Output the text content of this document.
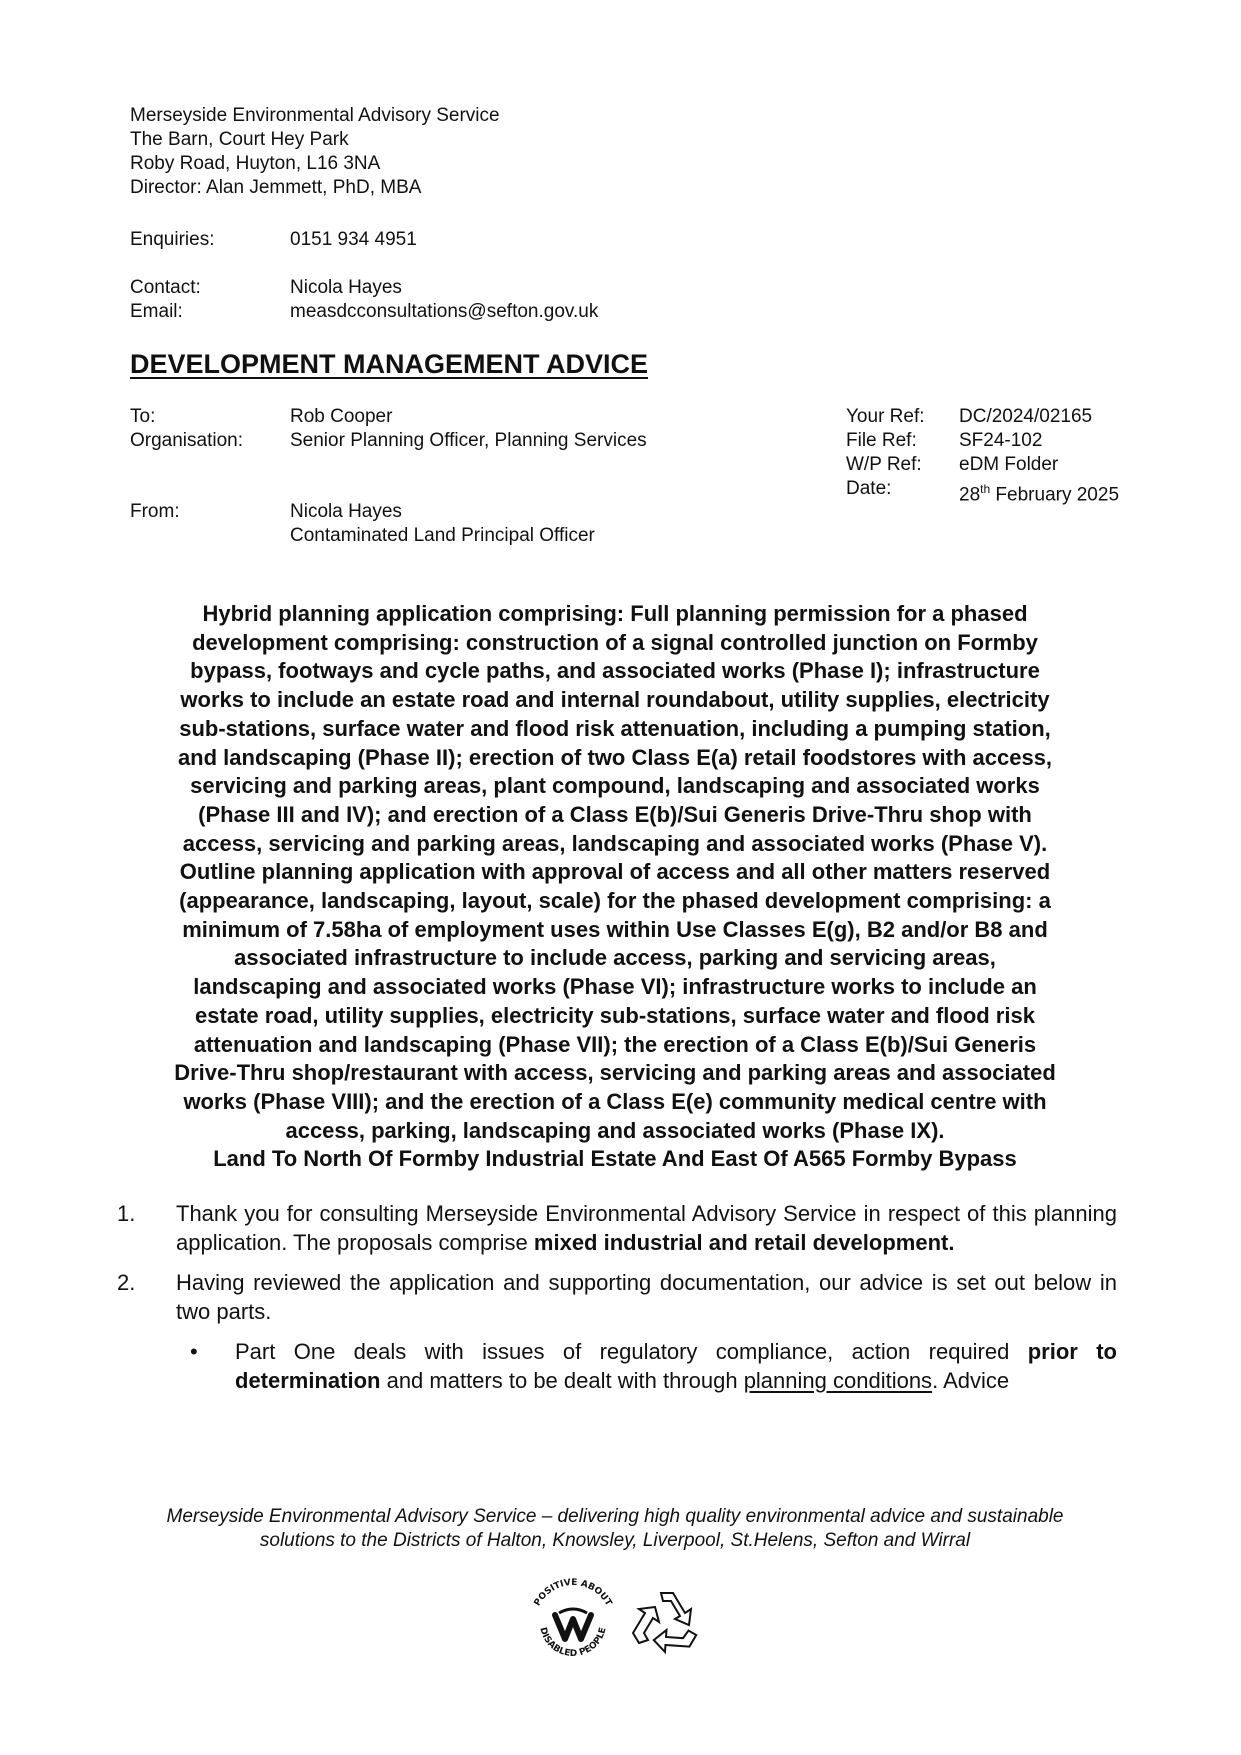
Merseyside Environmental Advisory Service
The Barn, Court Hey Park
Roby Road, Huyton, L16 3NA
Director: Alan Jemmett, PhD, MBA
Enquiries:	0151 934 4951
Contact:	Nicola Hayes
Email:	measdcconsultations@sefton.gov.uk
DEVELOPMENT MANAGEMENT ADVICE
To:	Rob Cooper
Organisation:	Senior Planning Officer, Planning Services
From:	Nicola Hayes
Contaminated Land Principal Officer
Your Ref:	DC/2024/02165
File Ref:	SF24-102
W/P Ref:	eDM Folder
Date:	28th February 2025
Hybrid planning application comprising: Full planning permission for a phased
development comprising: construction of a signal controlled junction on Formby
bypass, footways and cycle paths, and associated works (Phase I); infrastructure
works to include an estate road and internal roundabout, utility supplies, electricity
sub-stations, surface water and flood risk attenuation, including a pumping station,
and landscaping (Phase II); erection of two Class E(a) retail foodstores with access,
servicing and parking areas, plant compound, landscaping and associated works
(Phase III and IV); and erection of a Class E(b)/Sui Generis Drive-Thru shop with
access, servicing and parking areas, landscaping and associated works (Phase V).
Outline planning application with approval of access and all other matters reserved
(appearance, landscaping, layout, scale) for the phased development comprising: a
minimum of 7.58ha of employment uses within Use Classes E(g), B2 and/or B8 and
associated infrastructure to include access, parking and servicing areas,
landscaping and associated works (Phase VI); infrastructure works to include an
estate road, utility supplies, electricity sub-stations, surface water and flood risk
attenuation and landscaping (Phase VII); the erection of a Class E(b)/Sui Generis
Drive-Thru shop/restaurant with access, servicing and parking areas and associated
works (Phase VIII); and the erection of a Class E(e) community medical centre with
access, parking, landscaping and associated works (Phase IX).
Land To North Of Formby Industrial Estate And East Of A565 Formby Bypass
1. Thank you for consulting Merseyside Environmental Advisory Service in respect of this planning application. The proposals comprise mixed industrial and retail development.
2. Having reviewed the application and supporting documentation, our advice is set out below in two parts.
• Part One deals with issues of regulatory compliance, action required prior to determination and matters to be dealt with through planning conditions. Advice
Merseyside Environmental Advisory Service – delivering high quality environmental advice and sustainable
solutions to the Districts of Halton, Knowsley, Liverpool, St.Helens, Sefton and Wirral
POSITIVE ABOUT
DISABLED PEOPLE
